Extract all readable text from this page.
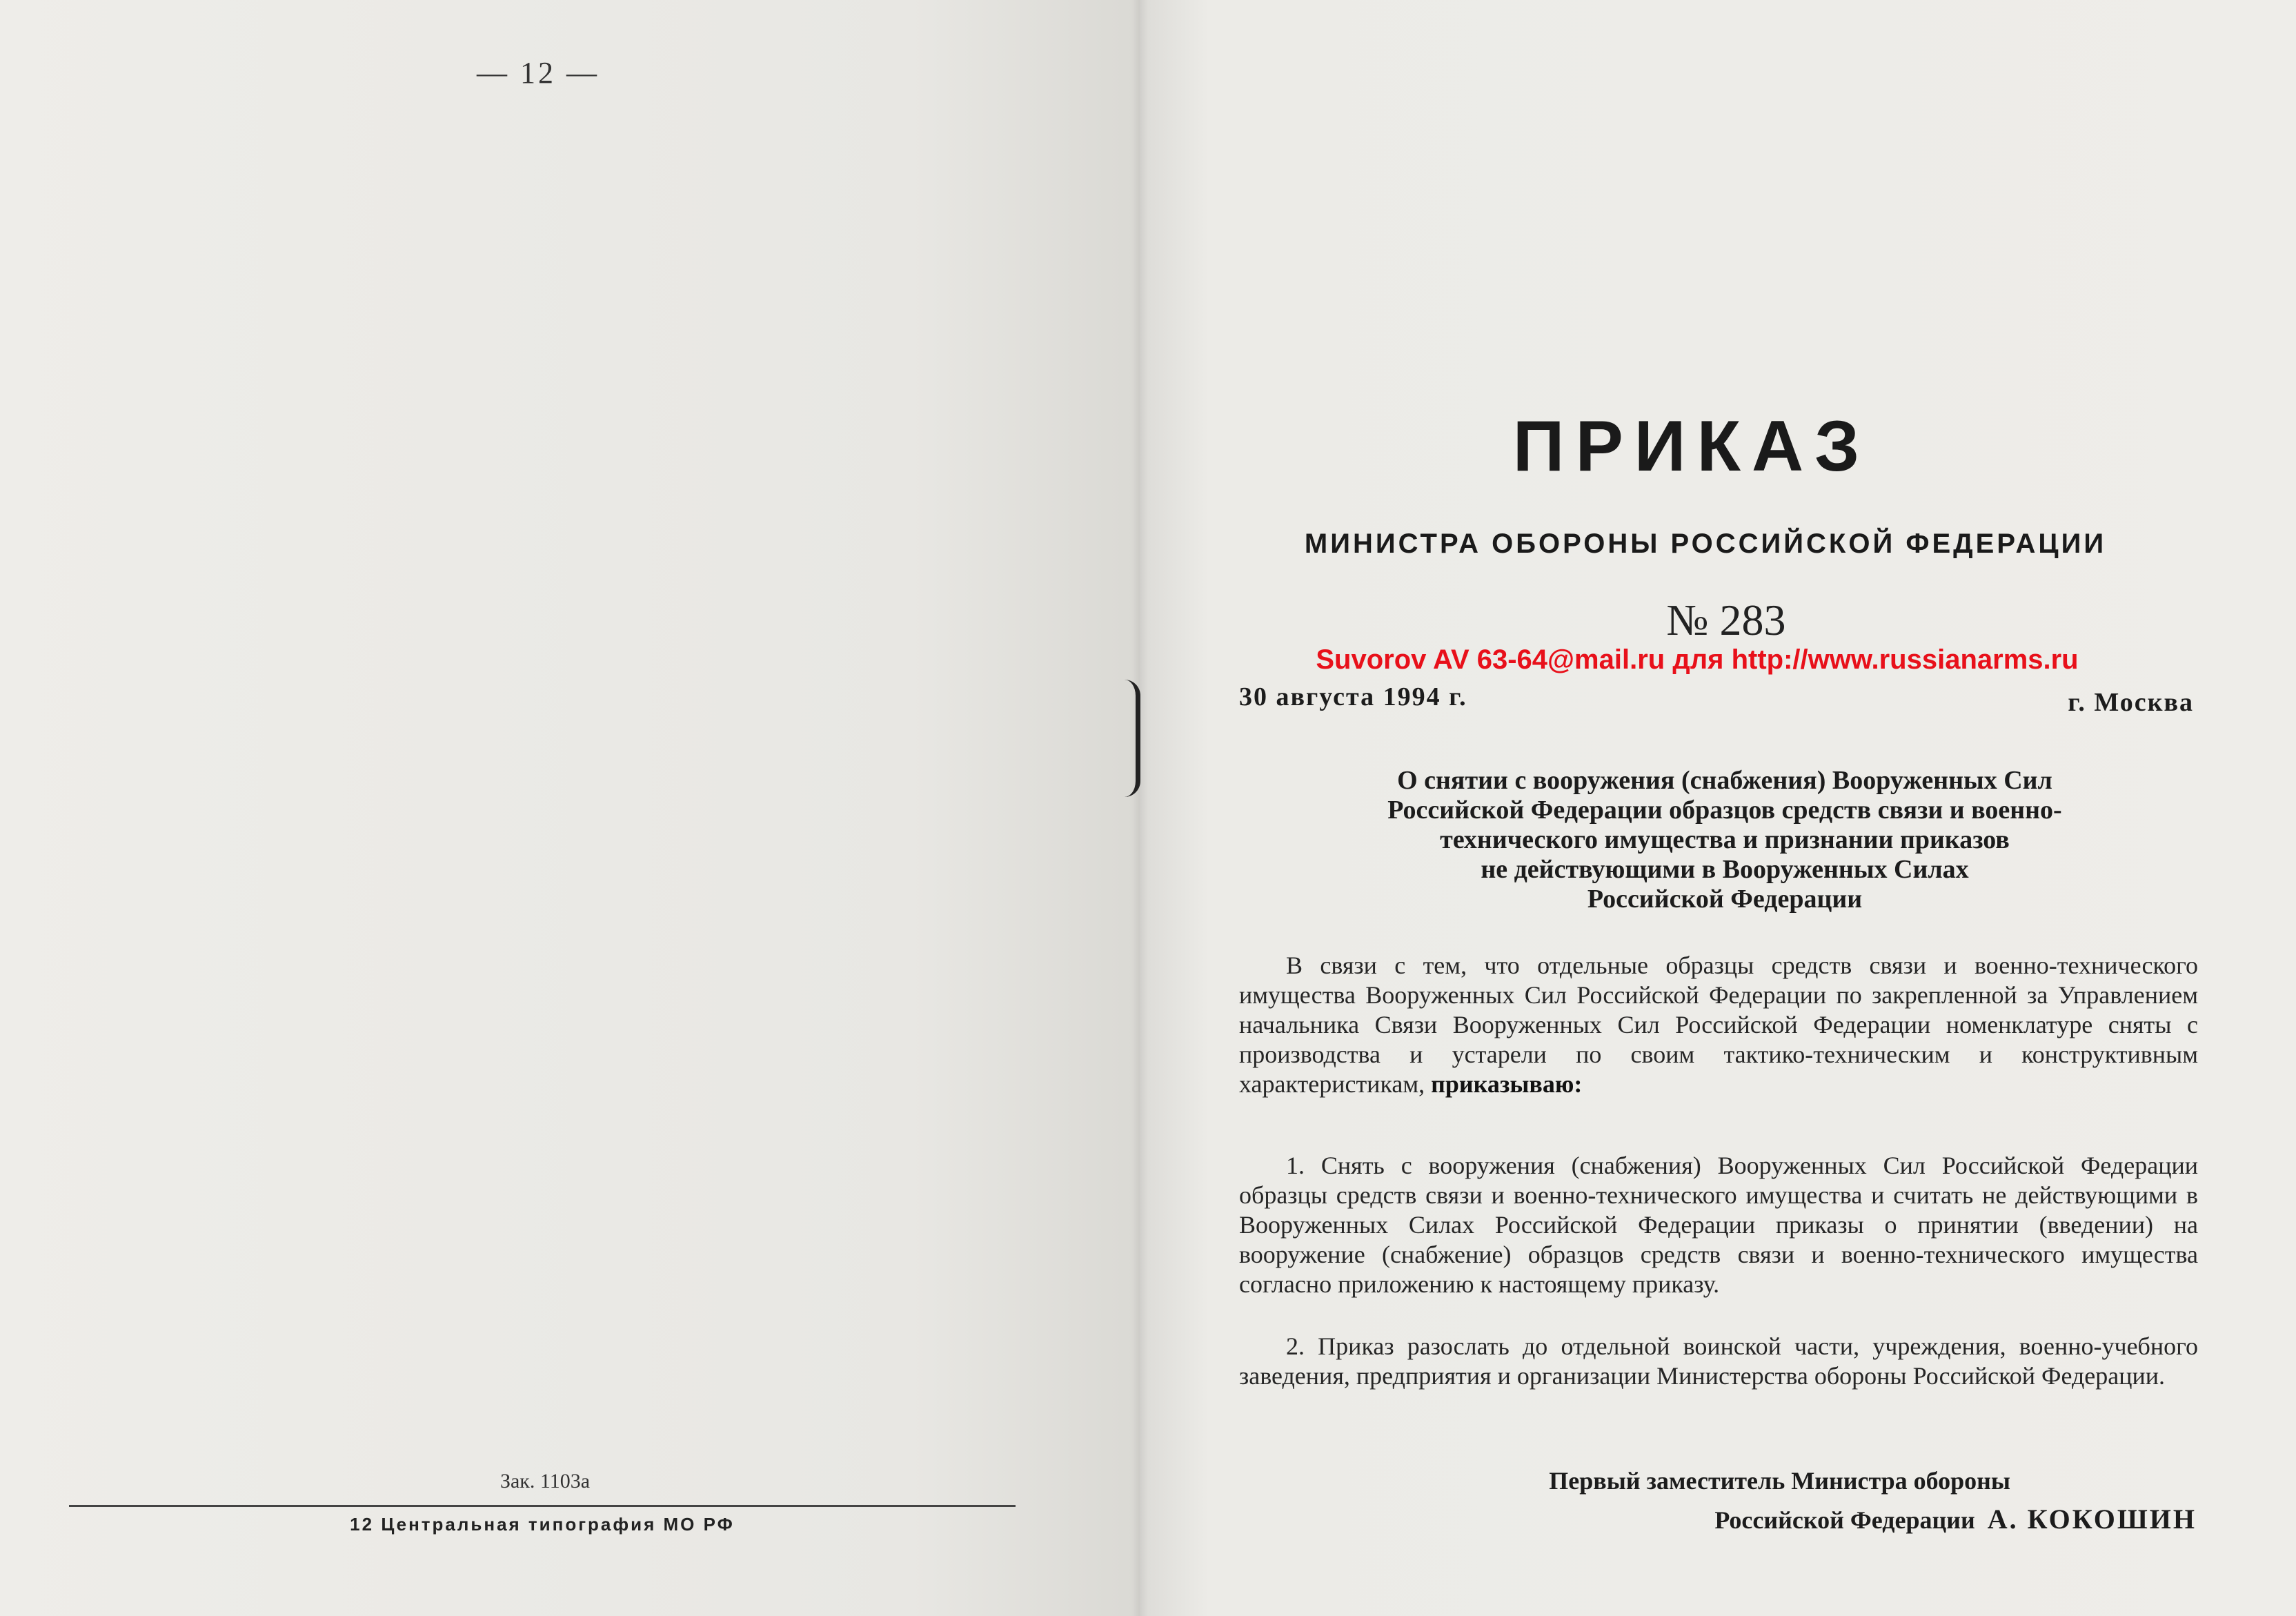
— 12 —
Зак. 1103а
12 Центральная типография МО РФ
ПРИКАЗ
МИНИСТРА ОБОРОНЫ РОССИЙСКОЙ ФЕДЕРАЦИИ
№ 283
Suvorov AV 63-64@mail.ru для http://www.russianarms.ru
30 августа 1994 г.	г. Москва
О снятии с вооружения (снабжения) Вооруженных Сил
Российской Федерации образцов средств связи и военно-
технического имущества и признании приказов
не действующими в Вооруженных Силах
Российской Федерации

В связи с тем, что отдельные образцы средств связи и военно-технического имущества Вооруженных Сил Российской Федерации по закрепленной за Управлением начальника Связи Вооруженных Сил Российской Федерации номенклатуре сняты с производства и устарели по своим тактико-техническим и конструктивным характеристикам, приказываю:

1. Снять с вооружения (снабжения) Вооруженных Сил Российской Федерации образцы средств связи и военно-технического имущества и считать не действующими в Вооруженных Силах Российской Федерации приказы о принятии (введении) на вооружение (снабжение) образцов средств связи и военно-технического имущества согласно приложению к настоящему приказу.

2. Приказ разослать до отдельной воинской части, учреждения, военно-учебного заведения, предприятия и организации Министерства обороны Российской Федерации.

Первый заместитель Министра обороны
Российской Федерации А. КОКОШИН
